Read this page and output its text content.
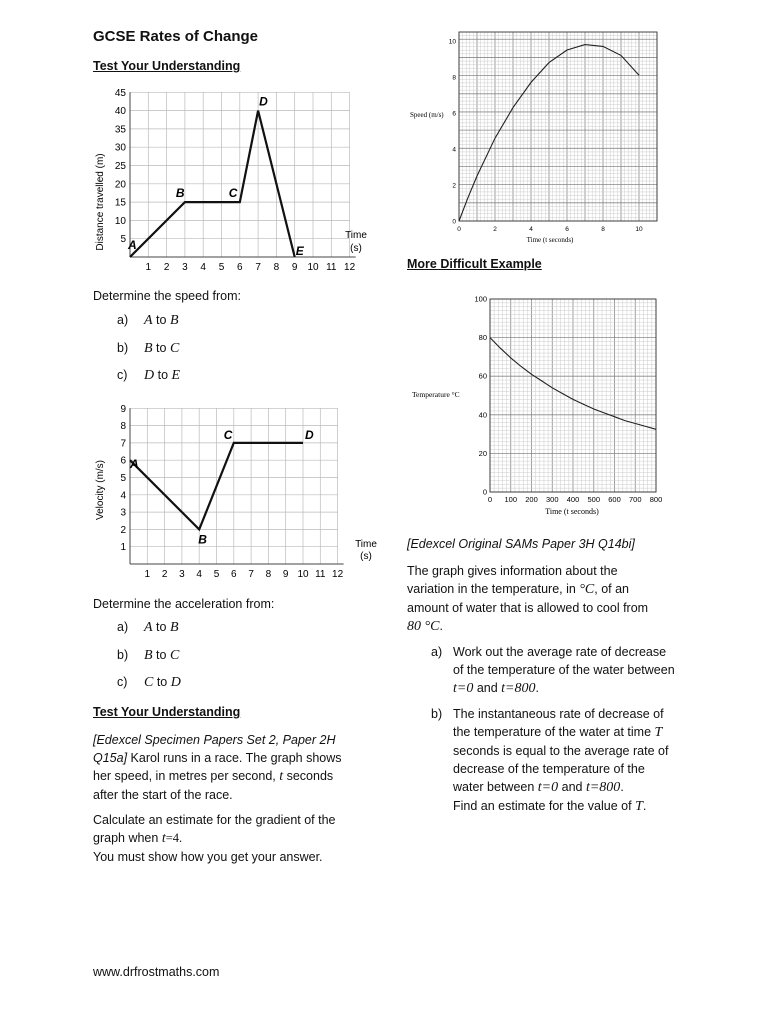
GCSE Rates of Change
Test Your Understanding
1 2 3 4 5 6 7 8 9 10 11 12
5
10
15
20
25
30
35
40
45
A
B	C
D
E
Distance travelled (m)	Time
(s)
Determine the speed from:
a) A to B
b) B to C
c) D to E
1 2 3 4 5 6 7 8 9 10 11 12
1
2
3
4
5
6
7
8
9
A
B
C	D
Velocity (m/s)
Time
(s)
Determine the acceleration from:
a) A to B
b) B to C
c) C to D
Test Your Understanding
[Edexcel Specimen Papers Set 2, Paper 2H Q15a] Karol runs in a race. The graph shows her speed, in metres per second, t seconds after the start of the race.
Calculate an estimate for the gradient of the graph when t=4.
You must show how you get your answer.
0	2	4	6	8	10
0
2
4
6
8
10
Speed (m/s)
Time (t seconds)
More Difficult Example
0 100 200 300 400 500 600 700 800
0
20
40
60
80
100
Temperature °C
Time (t seconds)
[Edexcel Original SAMs Paper 3H Q14bi]
The graph gives information about the variation in the temperature, in °C, of an amount of water that is allowed to cool from 80 °C.
a) Work out the average rate of decrease of the temperature of the water between t=0 and t=800.
b) The instantaneous rate of decrease of the temperature of the water at time T seconds is equal to the average rate of decrease of the temperature of the water between t=0 and t=800.
Find an estimate for the value of T.
www.drfrostmaths.com
